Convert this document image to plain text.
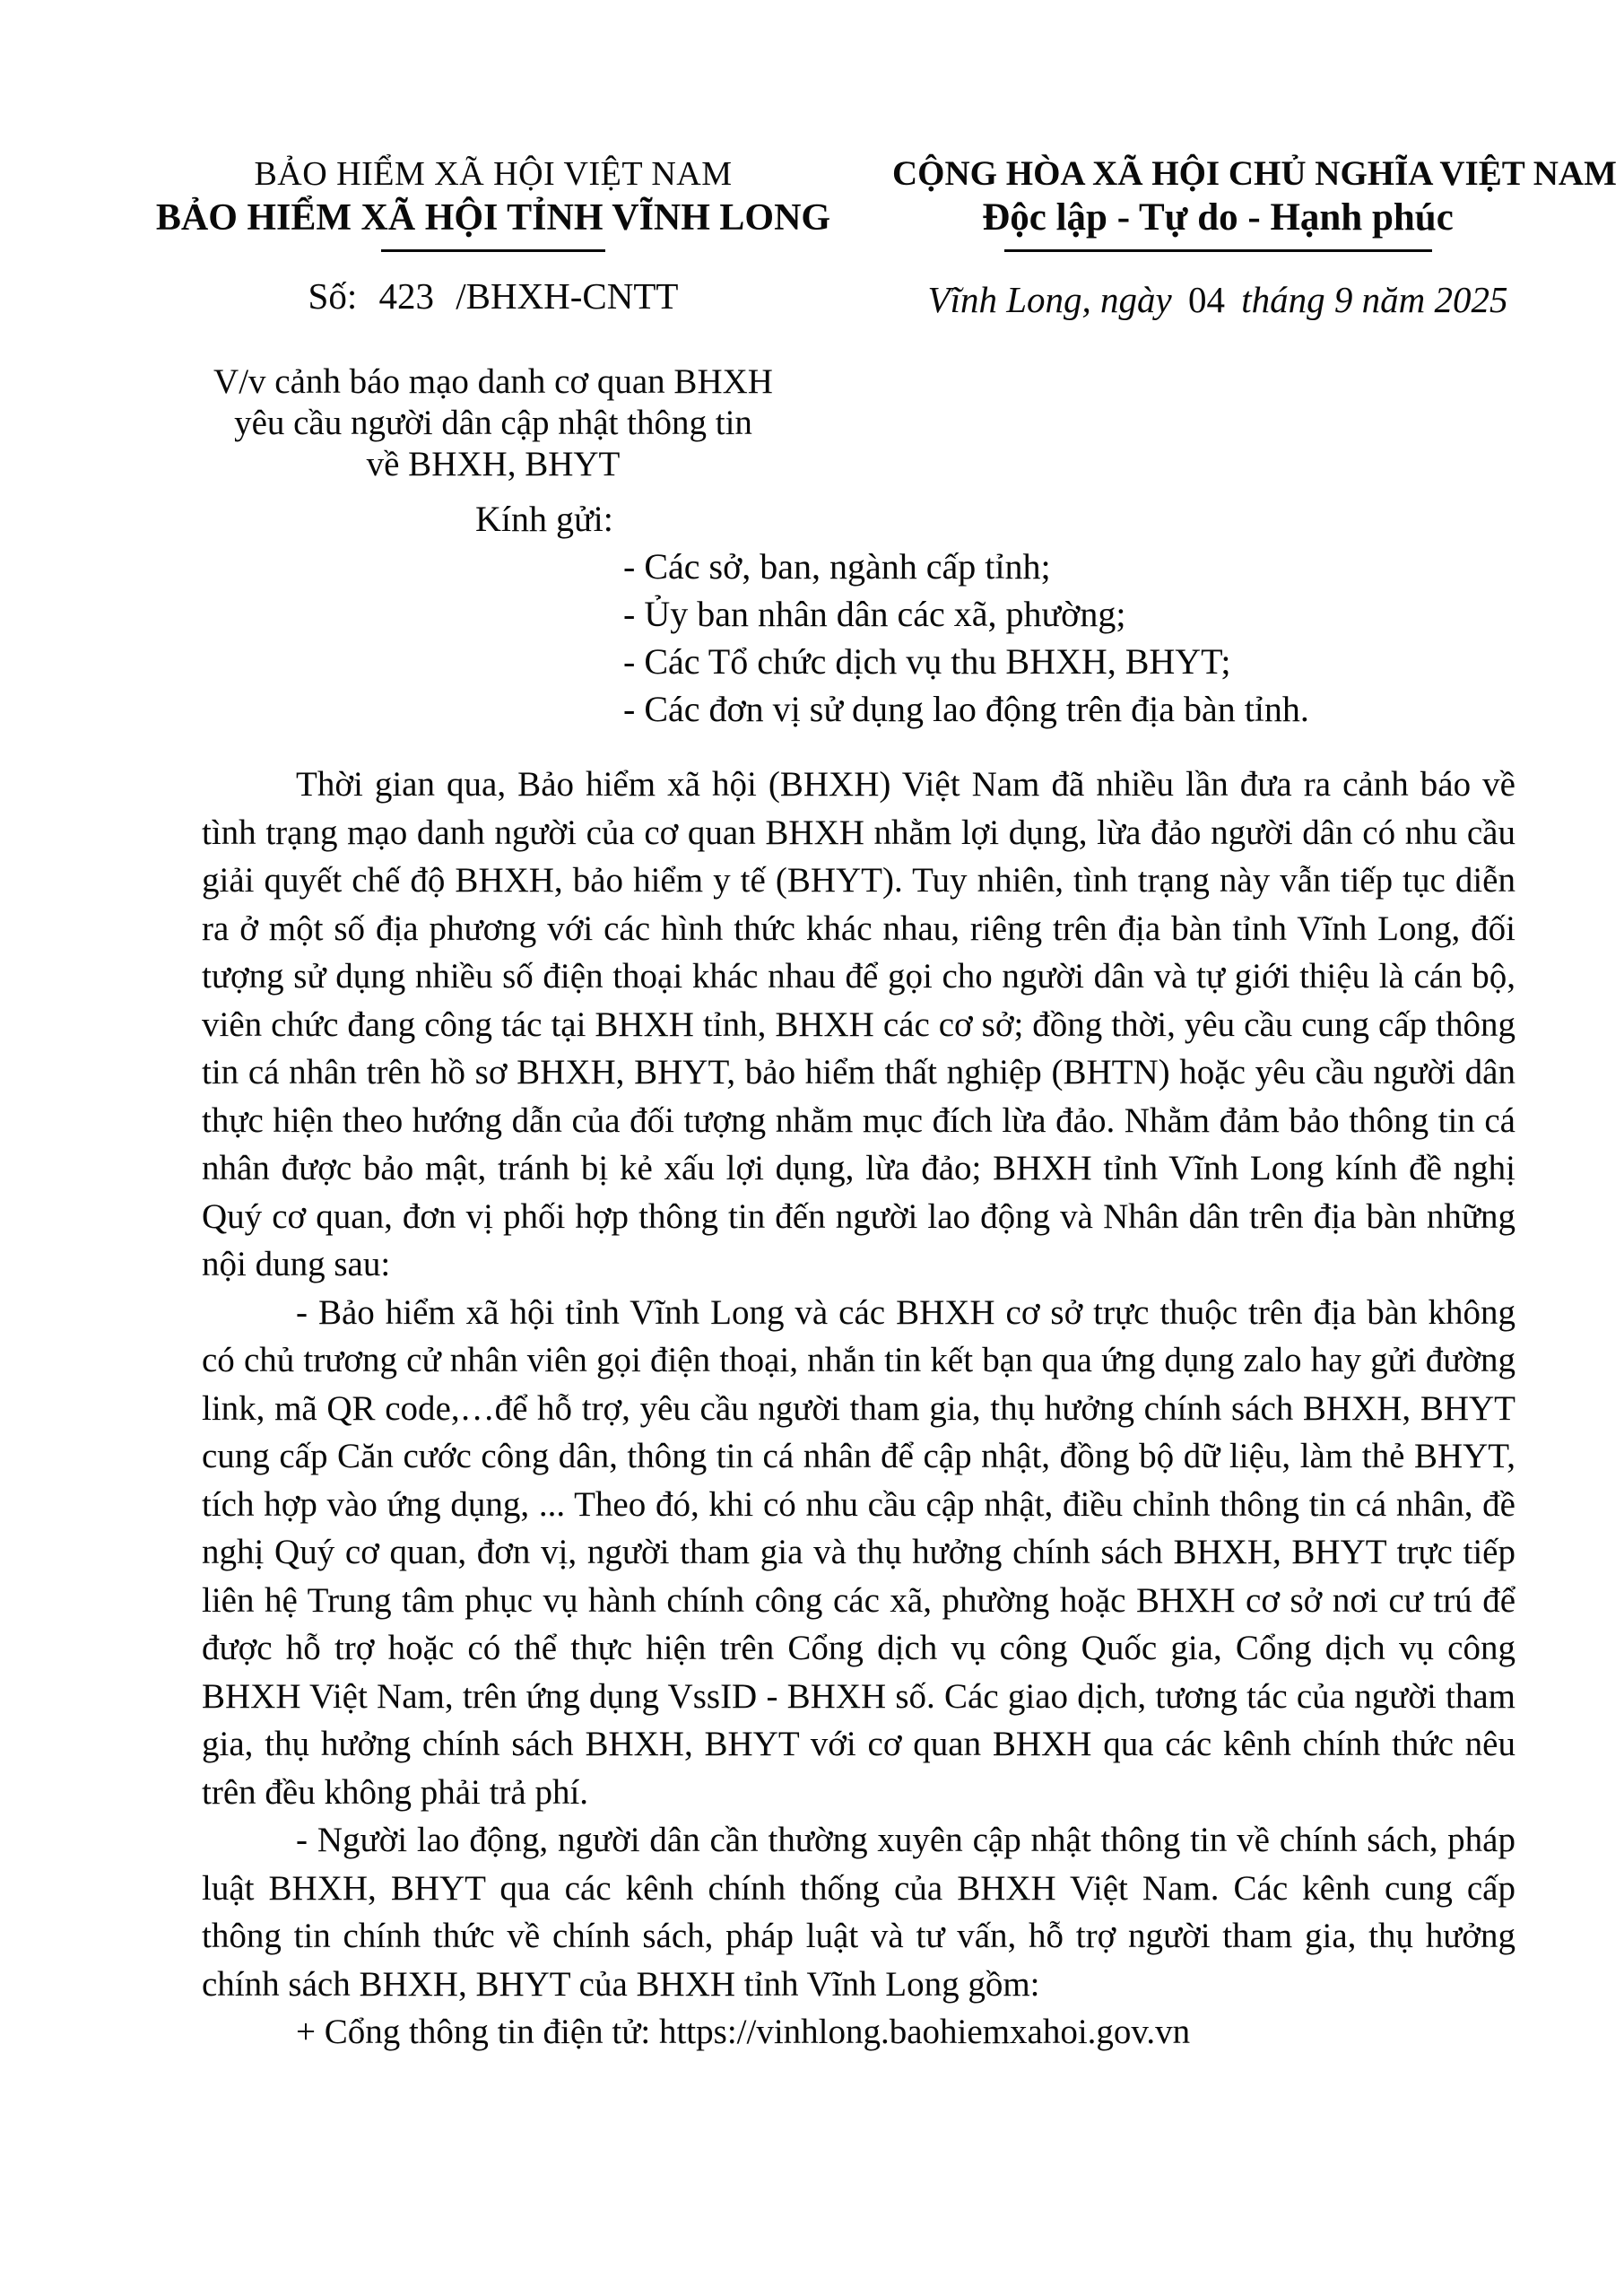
BẢO HIỂM XÃ HỘI VIỆT NAM
BẢO HIỂM XÃ HỘI TỈNH VĨNH LONG
Số: 423 /BHXH-CNTT
V/v cảnh báo mạo danh cơ quan BHXH
yêu cầu người dân cập nhật thông tin
về BHXH, BHYT
CỘNG HÒA XÃ HỘI CHỦ NGHĨA VIỆT NAM
Độc lập - Tự do - Hạnh phúc
Vĩnh Long, ngày 04 tháng 9 năm 2025
Kính gửi:
- Các sở, ban, ngành cấp tỉnh;
- Ủy ban nhân dân các xã, phường;
- Các Tổ chức dịch vụ thu BHXH, BHYT;
- Các đơn vị sử dụng lao động trên địa bàn tỉnh.

Thời gian qua, Bảo hiểm xã hội (BHXH) Việt Nam đã nhiều lần đưa ra cảnh báo về tình trạng mạo danh người của cơ quan BHXH nhằm lợi dụng, lừa đảo người dân có nhu cầu giải quyết chế độ BHXH, bảo hiểm y tế (BHYT). Tuy nhiên, tình trạng này vẫn tiếp tục diễn ra ở một số địa phương với các hình thức khác nhau, riêng trên địa bàn tỉnh Vĩnh Long, đối tượng sử dụng nhiều số điện thoại khác nhau để gọi cho người dân và tự giới thiệu là cán bộ, viên chức đang công tác tại BHXH tỉnh, BHXH các cơ sở; đồng thời, yêu cầu cung cấp thông tin cá nhân trên hồ sơ BHXH, BHYT, bảo hiểm thất nghiệp (BHTN) hoặc yêu cầu người dân thực hiện theo hướng dẫn của đối tượng nhằm mục đích lừa đảo. Nhằm đảm bảo thông tin cá nhân được bảo mật, tránh bị kẻ xấu lợi dụng, lừa đảo; BHXH tỉnh Vĩnh Long kính đề nghị Quý cơ quan, đơn vị phối hợp thông tin đến người lao động và Nhân dân trên địa bàn những nội dung sau:

- Bảo hiểm xã hội tỉnh Vĩnh Long và các BHXH cơ sở trực thuộc trên địa bàn không có chủ trương cử nhân viên gọi điện thoại, nhắn tin kết bạn qua ứng dụng zalo hay gửi đường link, mã QR code,…để hỗ trợ, yêu cầu người tham gia, thụ hưởng chính sách BHXH, BHYT cung cấp Căn cước công dân, thông tin cá nhân để cập nhật, đồng bộ dữ liệu, làm thẻ BHYT, tích hợp vào ứng dụng, ... Theo đó, khi có nhu cầu cập nhật, điều chỉnh thông tin cá nhân, đề nghị Quý cơ quan, đơn vị, người tham gia và thụ hưởng chính sách BHXH, BHYT trực tiếp liên hệ Trung tâm phục vụ hành chính công các xã, phường hoặc BHXH cơ sở nơi cư trú để được hỗ trợ hoặc có thể thực hiện trên Cổng dịch vụ công Quốc gia, Cổng dịch vụ công BHXH Việt Nam, trên ứng dụng VssID - BHXH số. Các giao dịch, tương tác của người tham gia, thụ hưởng chính sách BHXH, BHYT với cơ quan BHXH qua các kênh chính thức nêu trên đều không phải trả phí.

- Người lao động, người dân cần thường xuyên cập nhật thông tin về chính sách, pháp luật BHXH, BHYT qua các kênh chính thống của BHXH Việt Nam. Các kênh cung cấp thông tin chính thức về chính sách, pháp luật và tư vấn, hỗ trợ người tham gia, thụ hưởng chính sách BHXH, BHYT của BHXH tỉnh Vĩnh Long gồm:

+ Cổng thông tin điện tử: https://vinhlong.baohiemxahoi.gov.vn
